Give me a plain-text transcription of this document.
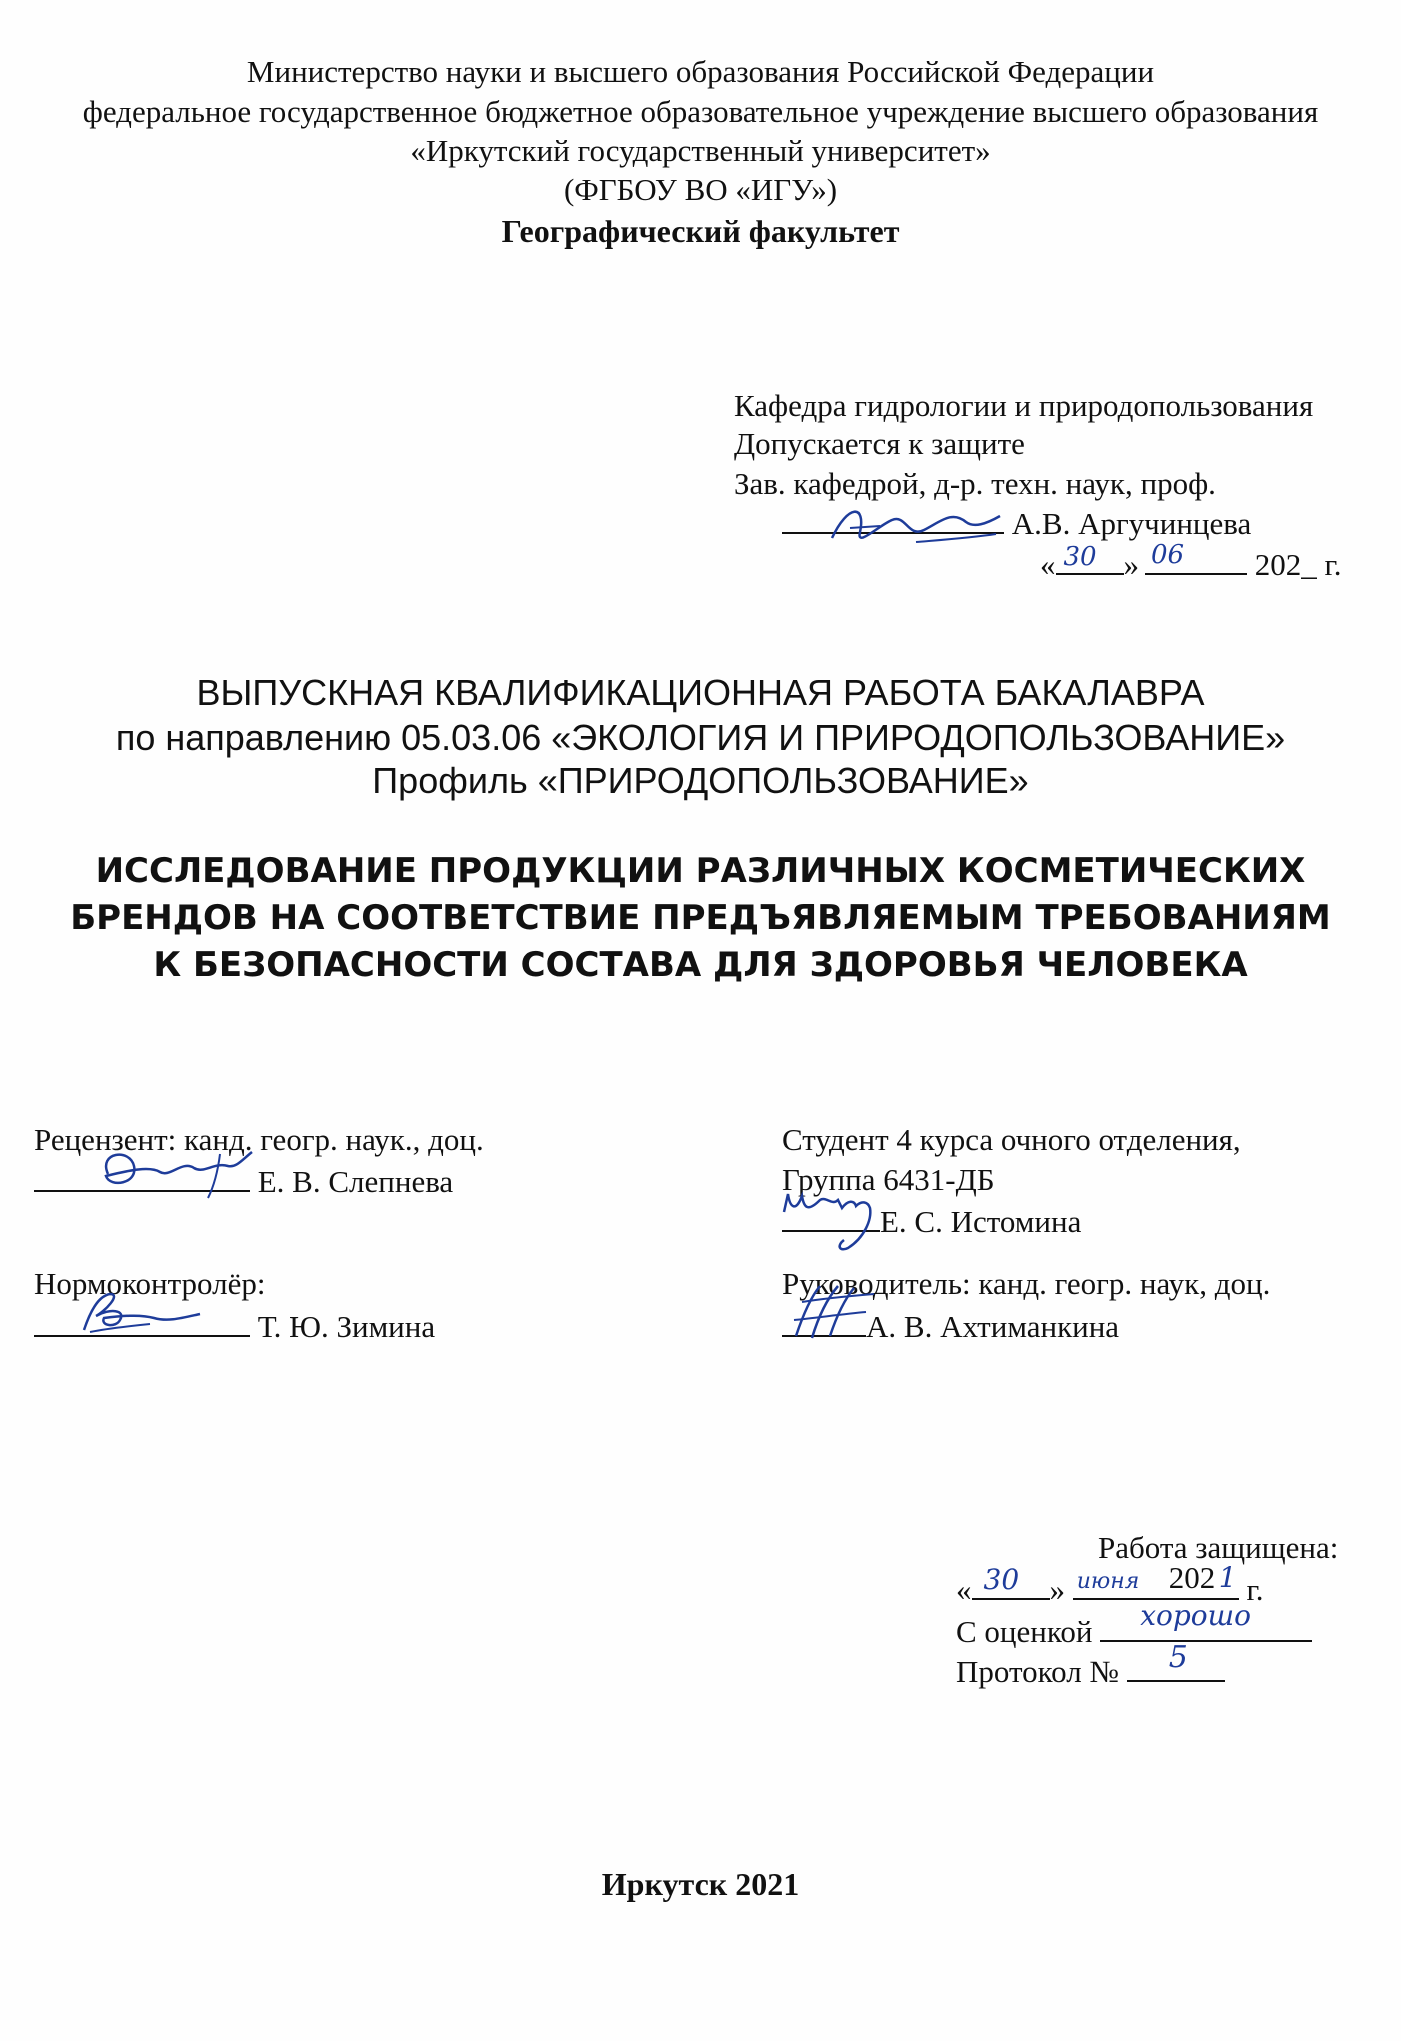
Министерство науки и высшего образования Российской Федерации
федеральное государственное бюджетное образовательное учреждение высшего образования
«Иркутский государственный университет»
(ФГБОУ ВО «ИГУ»)
Географический факультет
Кафедра гидрологии и природопользования
Допускается к защите
Зав. кафедрой, д-р. техн. наук, проф.
А.В. Аргучинцева
« 30 » 06 202_ г.
ВЫПУСКНАЯ КВАЛИФИКАЦИОННАЯ РАБОТА БАКАЛАВРА
по направлению 05.03.06 «ЭКОЛОГИЯ И ПРИРОДОПОЛЬЗОВАНИЕ»
Профиль «ПРИРОДОПОЛЬЗОВАНИЕ»
ИССЛЕДОВАНИЕ ПРОДУКЦИИ РАЗЛИЧНЫХ КОСМЕТИЧЕСКИХ
БРЕНДОВ НА СООТВЕТСТВИЕ ПРЕДЪЯВЛЯЕМЫМ ТРЕБОВАНИЯМ
К БЕЗОПАСНОСТИ СОСТАВА ДЛЯ ЗДОРОВЬЯ ЧЕЛОВЕКА
Рецензент: канд. геогр. наук., доц.
Е. В. Слепнева
Нормоконтролёр:
Т. Ю. Зимина
Студент 4 курса очного отделения,
Группа 6431-ДБ
Е. С. Истомина
Руководитель: канд. геогр. наук, доц.
А. В. Ахтиманкина
Работа защищена:
« 30 » июня 202 1 г.
С оценкой хорошо
Протокол № 5
Иркутск 2021
